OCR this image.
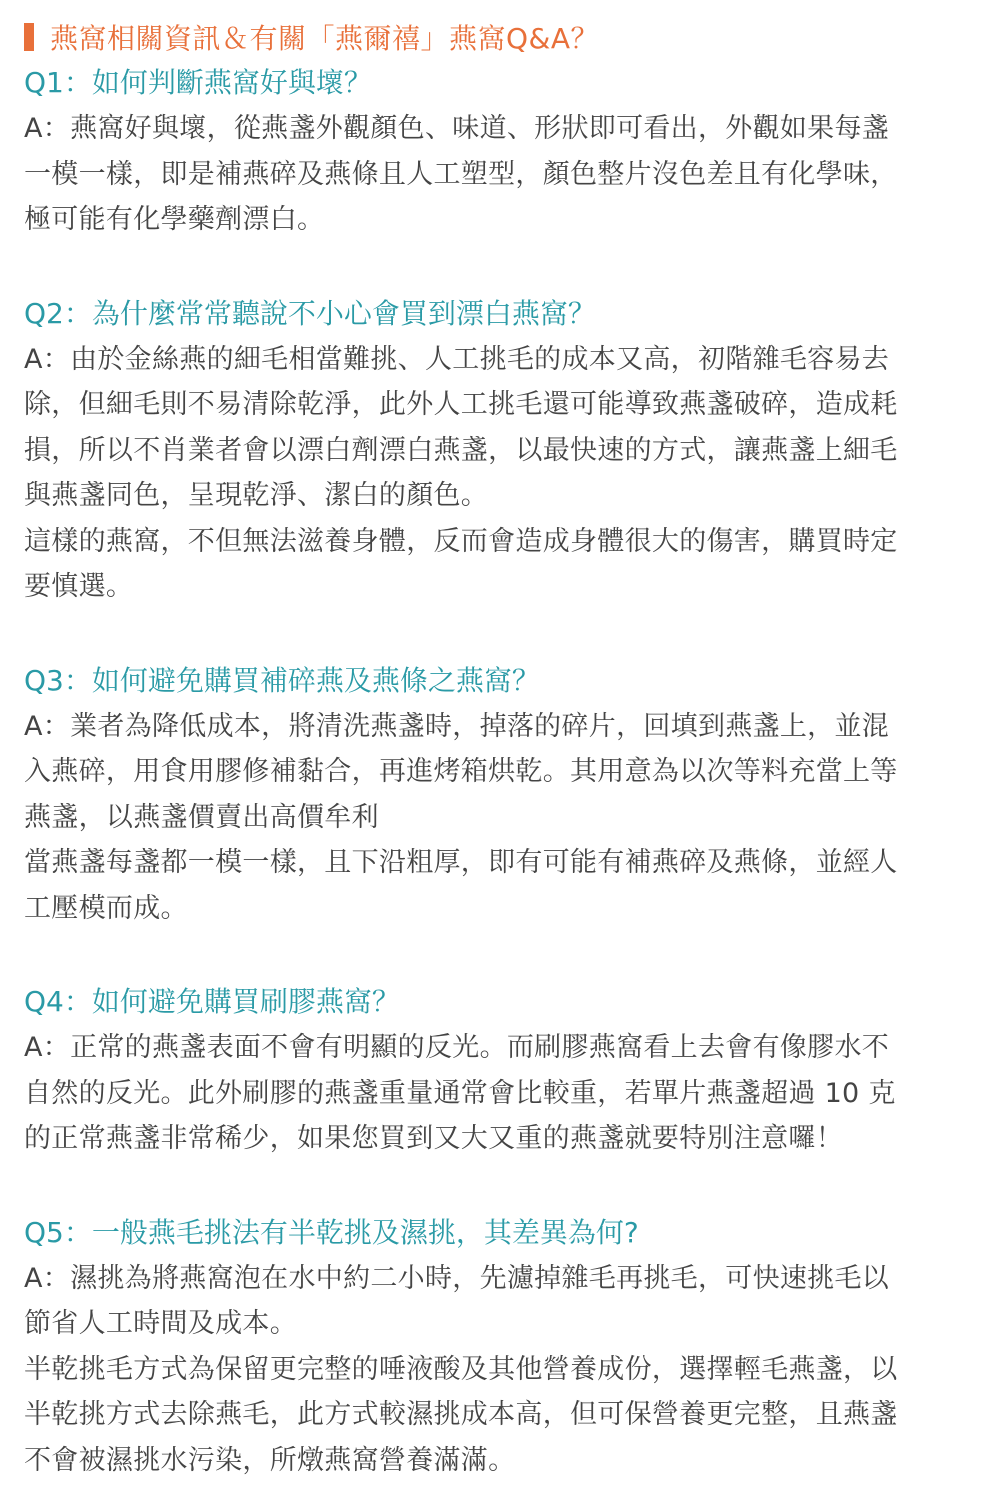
燕窩相關資訊＆有關「燕爾禧」燕窩Q&A？

Q1：如何判斷燕窩好與壞？

A：燕窩好與壞，從燕盞外觀顏色、味道、形狀即可看出，外觀如果每盞

一模一樣，即是補燕碎及燕條且人工塑型，顏色整片沒色差且有化學味，

極可能有化學藥劑漂白。

Q2：為什麼常常聽說不小心會買到漂白燕窩？

A：由於金絲燕的細毛相當難挑、人工挑毛的成本又高，初階雜毛容易去

除，但細毛則不易清除乾淨，此外人工挑毛還可能導致燕盞破碎，造成耗

損，所以不肖業者會以漂白劑漂白燕盞，以最快速的方式，讓燕盞上細毛

與燕盞同色，呈現乾淨、潔白的顏色。

這樣的燕窩，不但無法滋養身體，反而會造成身體很大的傷害，購買時定

要慎選。

Q3：如何避免購買補碎燕及燕條之燕窩？

A：業者為降低成本，將清洗燕盞時，掉落的碎片，回填到燕盞上，並混

入燕碎，用食用膠修補黏合，再進烤箱烘乾。其用意為以次等料充當上等

燕盞，以燕盞價賣出高價牟利

當燕盞每盞都一模一樣，且下沿粗厚，即有可能有補燕碎及燕條，並經人

工壓模而成。

Q4：如何避免購買刷膠燕窩？

A：正常的燕盞表面不會有明顯的反光。而刷膠燕窩看上去會有像膠水不

自然的反光。此外刷膠的燕盞重量通常會比較重，若單片燕盞超過 10 克

的正常燕盞非常稀少，如果您買到又大又重的燕盞就要特別注意囉！

Q5：一般燕毛挑法有半乾挑及濕挑，其差異為何?

A：濕挑為將燕窩泡在水中約二小時，先濾掉雜毛再挑毛，可快速挑毛以

節省人工時間及成本。

半乾挑毛方式為保留更完整的唾液酸及其他營養成份，選擇輕毛燕盞，以

半乾挑方式去除燕毛，此方式較濕挑成本高，但可保營養更完整，且燕盞

不會被濕挑水污染，所燉燕窩營養滿滿。
